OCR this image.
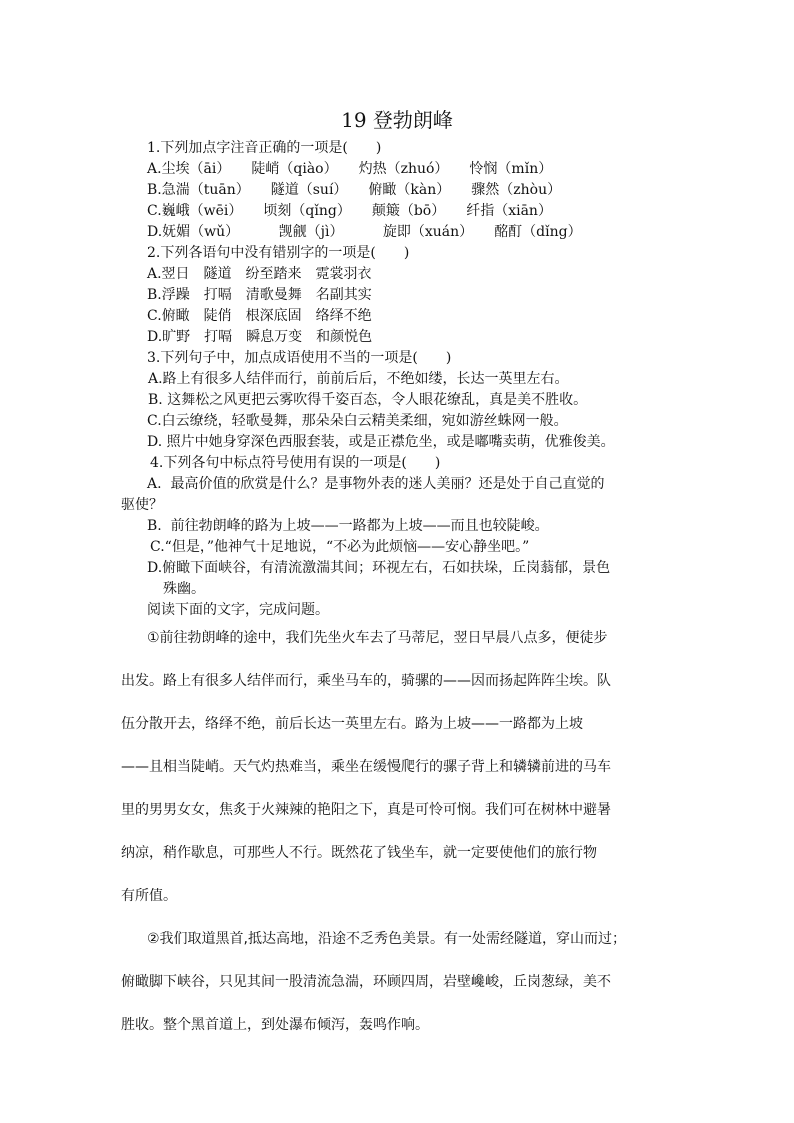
19 登勃朗峰
1.下列加点字注音正确的一项是(　　)
A.尘埃（āi）　　陡峭（qiào）　　灼热（zhuó）　　怜悯（mǐn）
B.急湍（tuān）　　隧道（suí）　　俯瞰（kàn）　　骤然（zhòu）
C.巍峨（wēi）　　顷刻（qǐng）　　颠簸（bō）　　纤指（xiān）
D.妩媚（wǔ）　　　 觊觎（jì）　　　 旋即（xuán）　　酩酊（dǐng）
2.下列各语句中没有错别字的一项是(　　)
A.翌日　隧道　纷至踏来　霓裳羽衣
B.浮躁　打嗝　清歌曼舞　名副其实
C.俯瞰　陡俏　根深底固　络绎不绝
D.旷野　打嗝　瞬息万变　和颜悦色
3.下列句子中，加点成语使用不当的一项是(　　)
A.路上有很多人结伴而行，前前后后，不绝如缕，长达一英里左右。
B. 这舞松之风更把云雾吹得千姿百态，令人眼花缭乱，真是美不胜收。
C.白云缭绕，轻歌曼舞，那朵朵白云精美柔细，宛如游丝蛛网一般。
D. 照片中她身穿深色西服套装，或是正襟危坐，或是嘟嘴卖萌，优雅俊美。
4.下列各句中标点符号使用有误的一项是(　　)
A.  最高价值的欣赏是什么？是事物外表的迷人美丽？还是处于自己直觉的
驱使？
B.  前往勃朗峰的路为上坡——一路都为上坡——而且也较陡峻。
C.“但是，”他神气十足地说，“不必为此烦恼——安心静坐吧。”
D.俯瞰下面峡谷，有清流激湍其间；环视左右，石如扶垛，丘岗蓊郁，景色
殊幽。
阅读下面的文字，完成问题。
①前往勃朗峰的途中，我们先坐火车去了马蒂尼，翌日早晨八点多，便徒步
出发。路上有很多人结伴而行，乘坐马车的，骑骡的——因而扬起阵阵尘埃。队
伍分散开去，络绎不绝，前后长达一英里左右。路为上坡——一路都为上坡
——且相当陡峭。天气灼热难当，乘坐在缓慢爬行的骡子背上和辚辚前进的马车
里的男男女女，焦炙于火辣辣的艳阳之下，真是可怜可悯。我们可在树林中避暑
纳凉，稍作歇息，可那些人不行。既然花了钱坐车，就一定要使他们的旅行物
有所值。
②我们取道黑首,抵达高地，沿途不乏秀色美景。有一处需经隧道，穿山而过；
俯瞰脚下峡谷，只见其间一股清流急湍，环顾四周，岩壁巉峻，丘岗葱绿，美不
胜收。整个黑首道上，到处瀑布倾泻，轰鸣作响。
